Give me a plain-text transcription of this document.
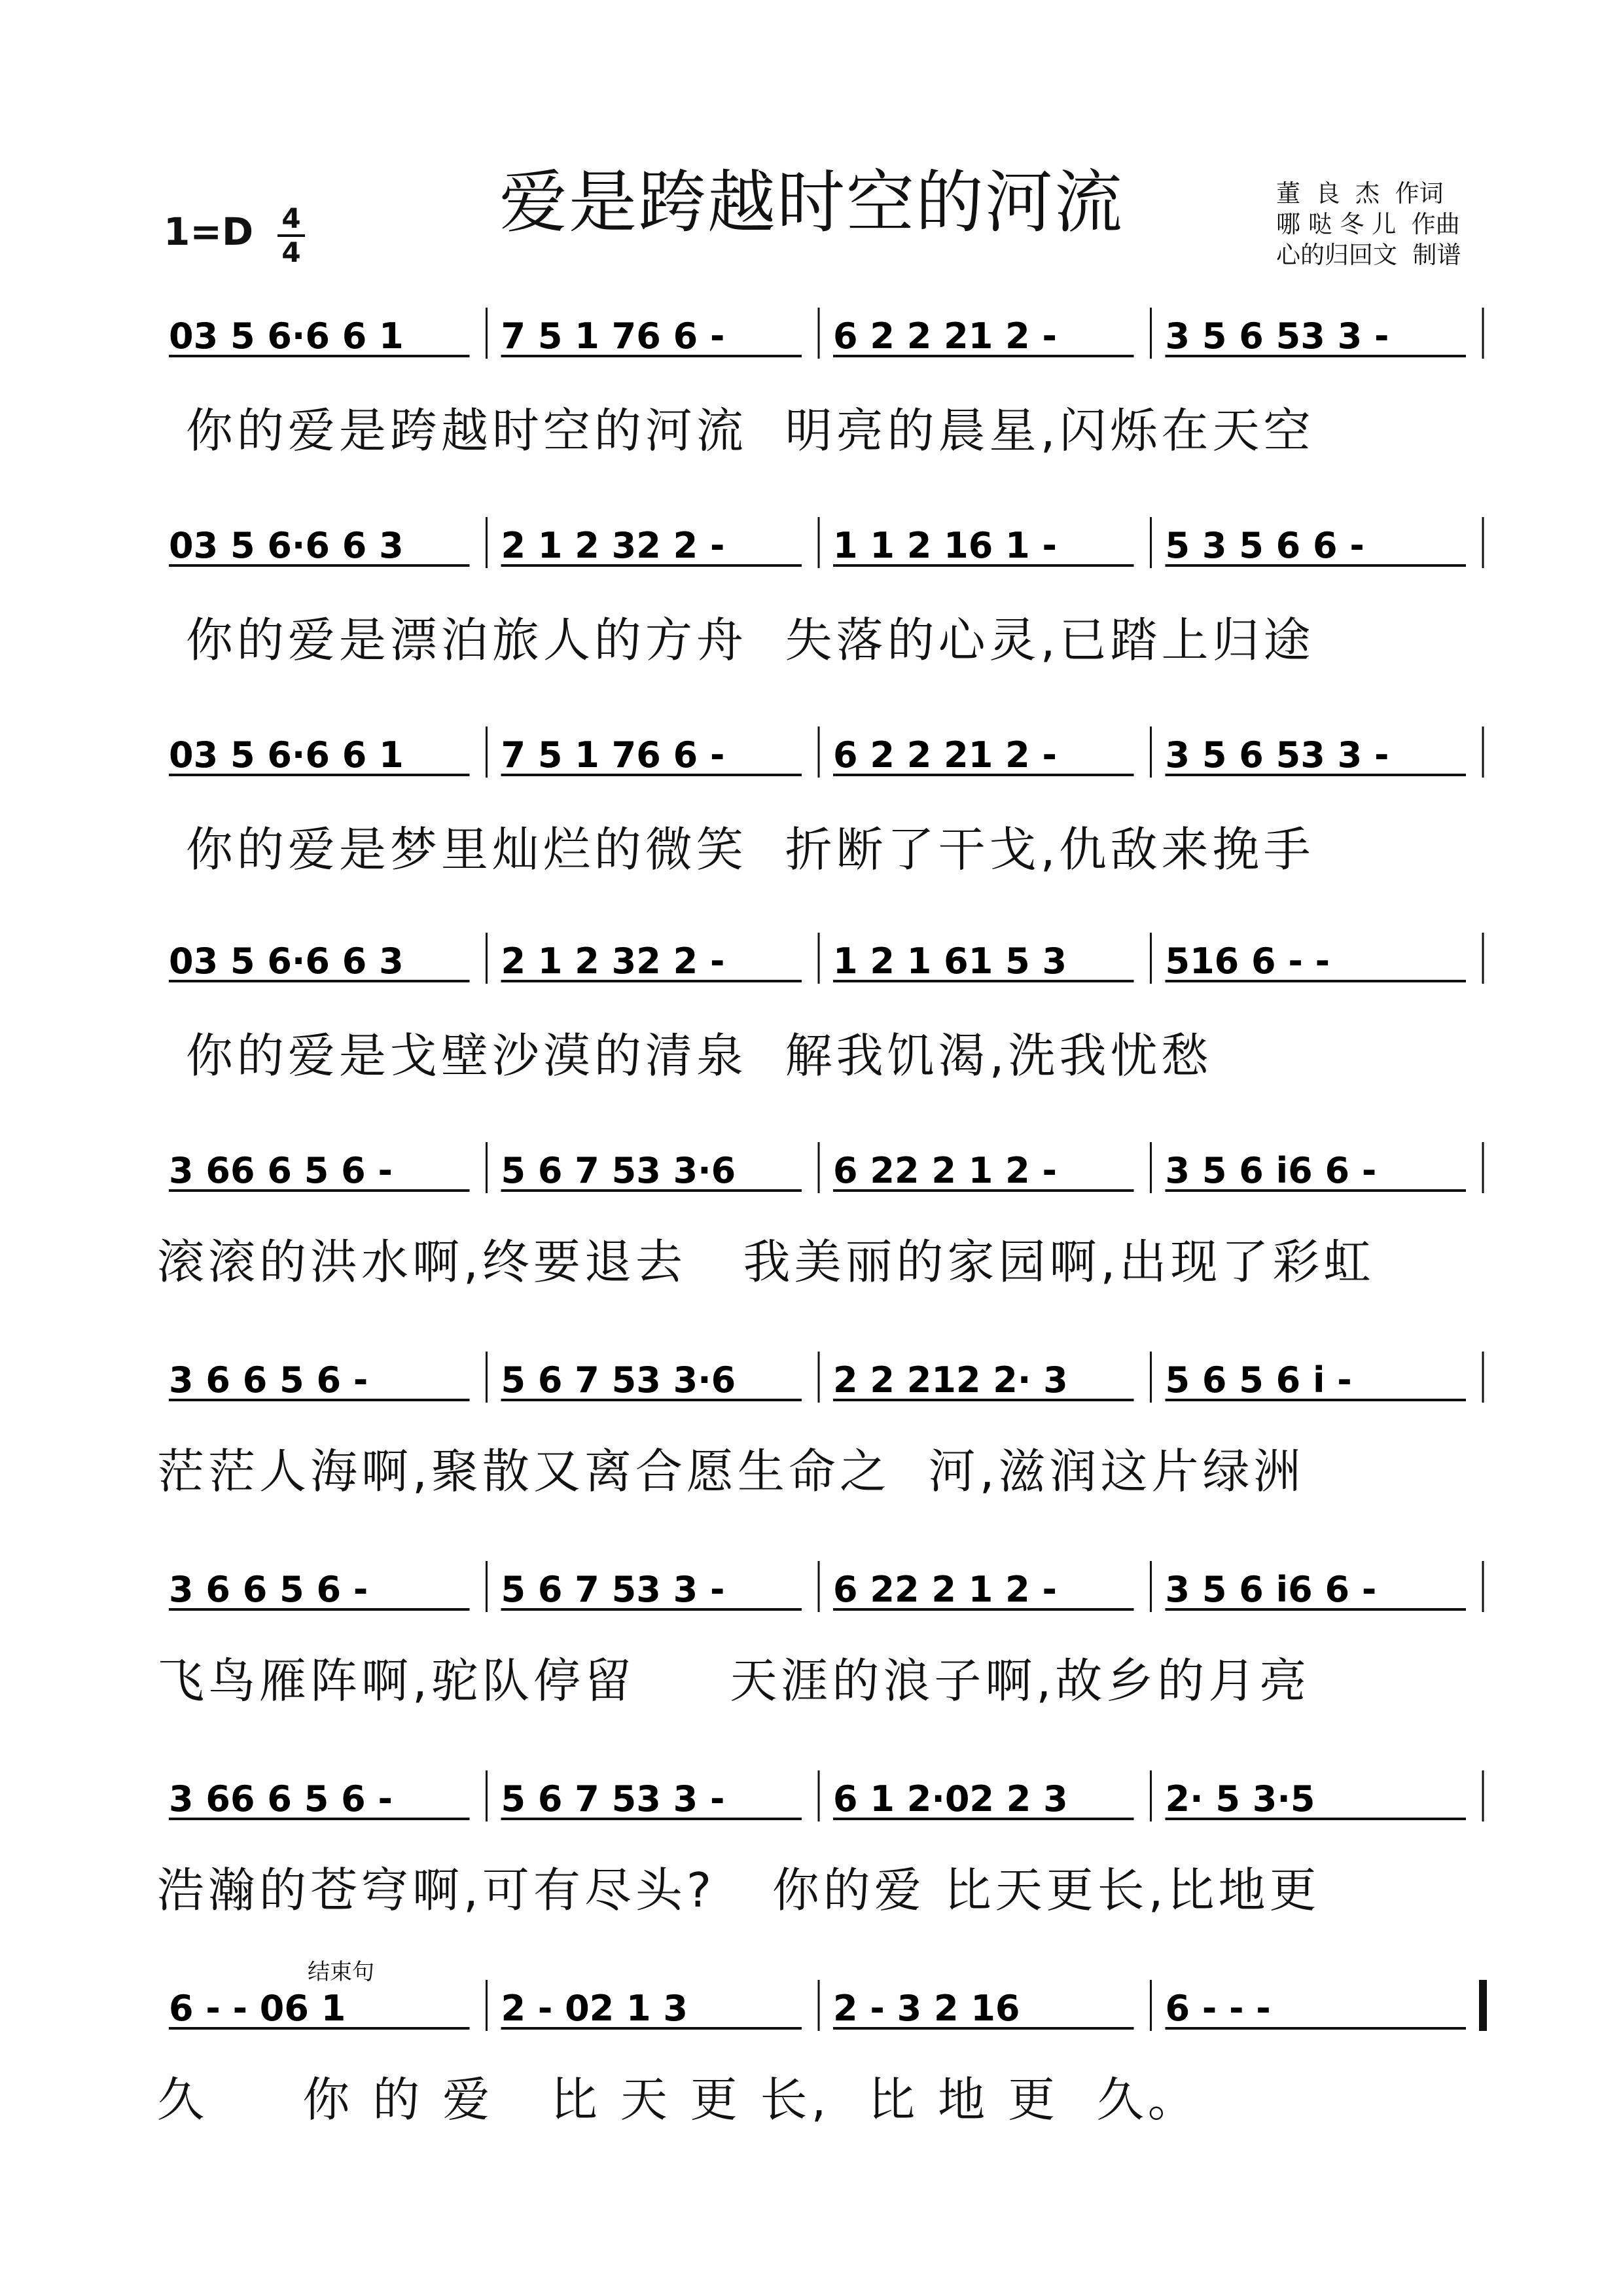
爱是跨越时空的河流
1=D 4
4
董  良  杰  作词
哪 哒 冬 儿  作曲
心的归回文  制谱
结束句
03 5 6·6 6 1	7 5 1 76 6 -	6 2 2 21 2 -	3 5 6 53 3 -
你的爱是跨越时空的河流  明亮的晨星,闪烁在天空
03 5 6·6 6 3	2 1 2 32 2 -	1 1 2 16 1 -	5 3 5 6 6 -
你的爱是漂泊旅人的方舟  失落的心灵,已踏上归途
03 5 6·6 6 1	7 5 1 76 6 -	6 2 2 21 2 -	3 5 6 53 3 -
你的爱是梦里灿烂的微笑  折断了干戈,仇敌来挽手
03 5 6·6 6 3	2 1 2 32 2 -	1 2 1 61 5 3	516 6 - -
你的爱是戈壁沙漠的清泉  解我饥渴,洗我忧愁
3 66 6 5 6 -	5 6 7 53 3·6	6 22 2 1 2 -	3 5 6 i6 6 -
滚滚的洪水啊,终要退去   我美丽的家园啊,出现了彩虹
3 6 6 5 6 -	5 6 7 53 3·6	2 2 212 2· 3	5 6 5 6 i -
茫茫人海啊,聚散又离合愿生命之  河,滋润这片绿洲
3 6 6 5 6 -	5 6 7 53 3 -	6 22 2 1 2 -	3 5 6 i6 6 -
飞鸟雁阵啊,驼队停留     天涯的浪子啊,故乡的月亮
3 66 6 5 6 -	5 6 7 53 3 -	6 1 2·02 2 3	2· 5 3·5
浩瀚的苍穹啊,可有尽头?   你的爱 比天更长,比地更
6 - - 06 1	2 - 02 1 3	2 - 3 2 16	6 - - -
久     你 的 爱   比 天 更 长,  比 地 更  久。
